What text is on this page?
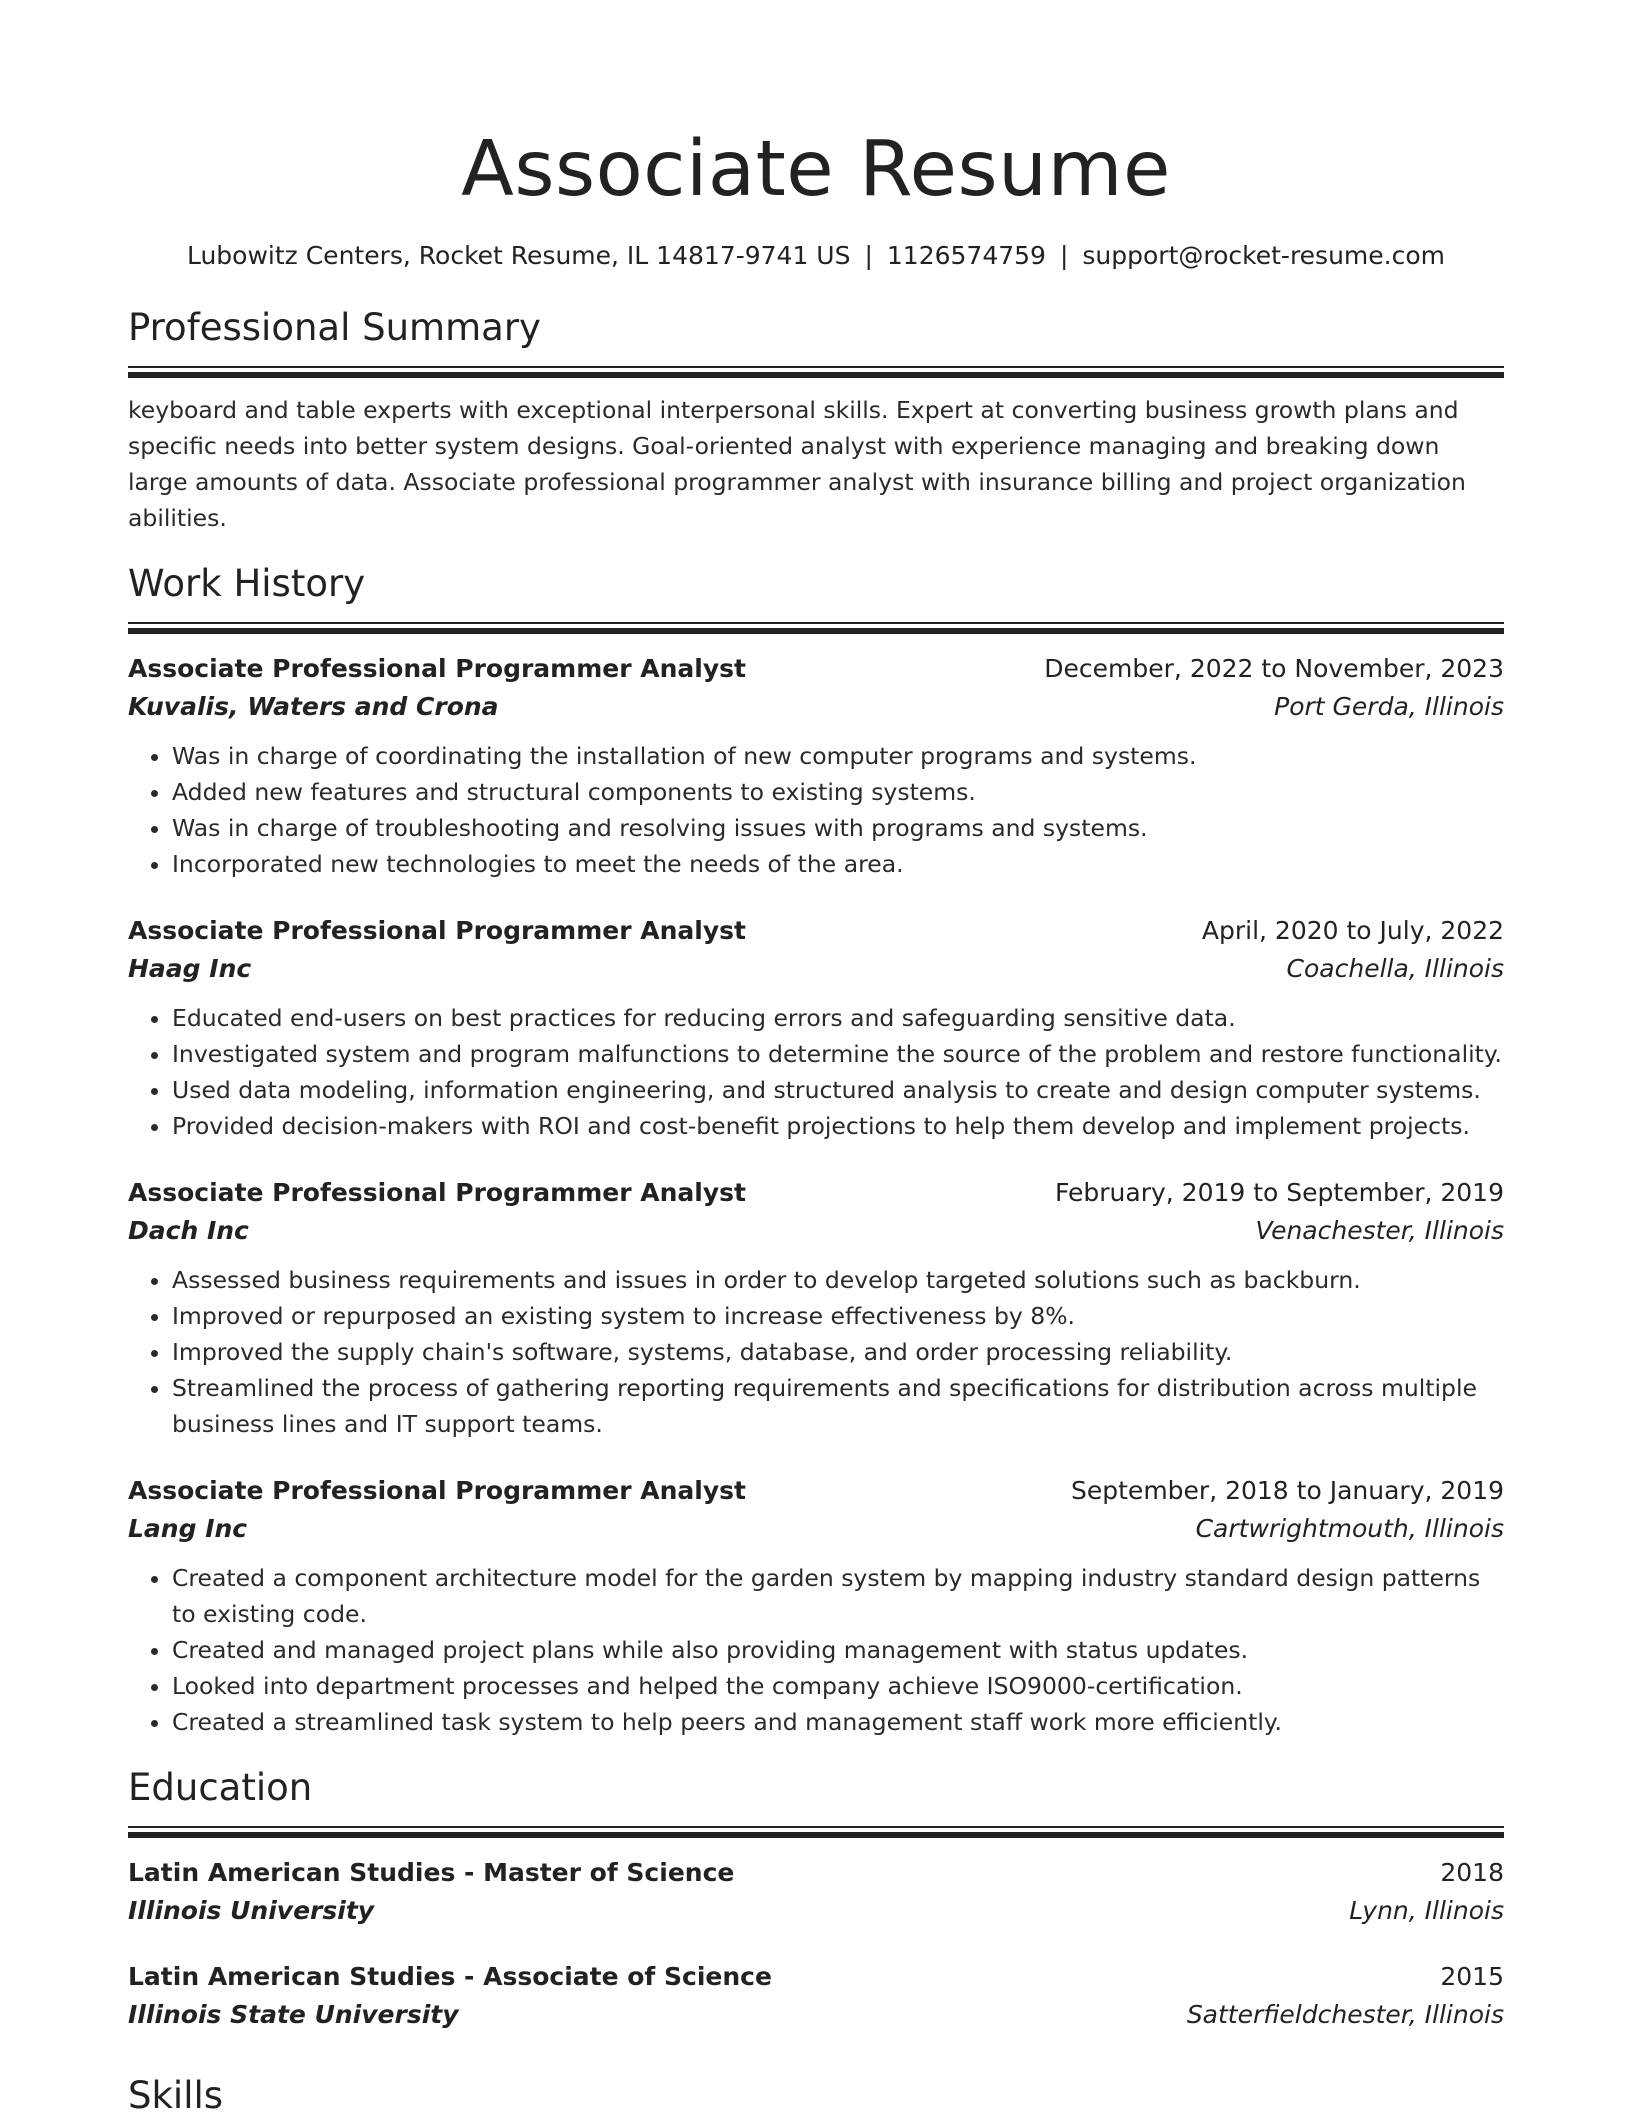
Associate Resume
Lubowitz Centers, Rocket Resume, IL 14817-9741 US | 1126574759 | support@rocket-resume.com
Professional Summary

keyboard and table experts with exceptional interpersonal skills. Expert at converting business growth plans and specific needs into better system designs. Goal-oriented analyst with experience managing and breaking down large amounts of data. Associate professional programmer analyst with insurance billing and project organization abilities.

Work History
Associate Professional Programmer Analyst	December, 2022 to November, 2023
Kuvalis, Waters and Crona	Port Gerda, Illinois
• Was in charge of coordinating the installation of new computer programs and systems.
• Added new features and structural components to existing systems.
• Was in charge of troubleshooting and resolving issues with programs and systems.
• Incorporated new technologies to meet the needs of the area.
Associate Professional Programmer Analyst	April, 2020 to July, 2022
Haag Inc	Coachella, Illinois
• Educated end-users on best practices for reducing errors and safeguarding sensitive data.
• Investigated system and program malfunctions to determine the source of the problem and restore functionality.
• Used data modeling, information engineering, and structured analysis to create and design computer systems.
• Provided decision-makers with ROI and cost-benefit projections to help them develop and implement projects.
Associate Professional Programmer Analyst	February, 2019 to September, 2019
Dach Inc	Venachester, Illinois
• Assessed business requirements and issues in order to develop targeted solutions such as backburn.
• Improved or repurposed an existing system to increase effectiveness by 8%.
• Improved the supply chain's software, systems, database, and order processing reliability.
• Streamlined the process of gathering reporting requirements and specifications for distribution across multiple business lines and IT support teams.
Associate Professional Programmer Analyst	September, 2018 to January, 2019
Lang Inc	Cartwrightmouth, Illinois
• Created a component architecture model for the garden system by mapping industry standard design patterns to existing code.
• Created and managed project plans while also providing management with status updates.
• Looked into department processes and helped the company achieve ISO9000-certification.
• Created a streamlined task system to help peers and management staff work more efficiently.
Education
Latin American Studies - Master of Science	2018
Illinois University	Lynn, Illinois
Latin American Studies - Associate of Science	2015
Illinois State University	Satterfieldchester, Illinois
Skills
